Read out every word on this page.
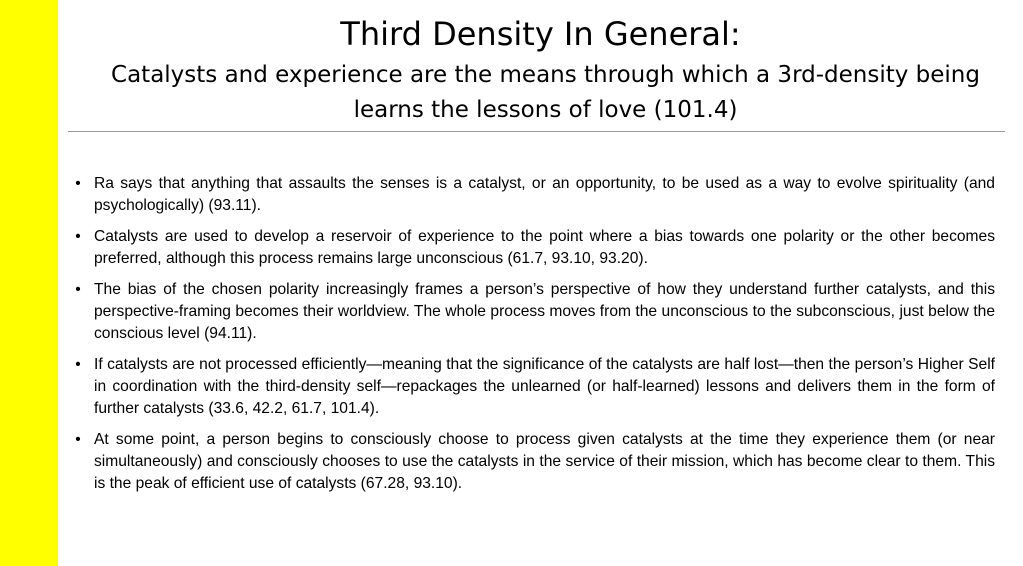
Third Density In General:
Catalysts and experience are the means through which a 3rd-density being learns the lessons of love (101.4)
• Ra says that anything that assaults the senses is a catalyst, or an opportunity, to be used as a way to evolve spirituality (and psychologically) (93.11).
• Catalysts are used to develop a reservoir of experience to the point where a bias towards one polarity or the other becomes preferred, although this process remains large unconscious (61.7, 93.10, 93.20).
• The bias of the chosen polarity increasingly frames a person’s perspective of how they understand further catalysts, and this perspective-framing becomes their worldview. The whole process moves from the unconscious to the subconscious, just below the conscious level (94.11).
• If catalysts are not processed efficiently—meaning that the significance of the catalysts are half lost—then the person’s Higher Self in coordination with the third-density self—repackages the unlearned (or half-learned) lessons and delivers them in the form of further catalysts (33.6, 42.2, 61.7, 101.4).
• At some point, a person begins to consciously choose to process given catalysts at the time they experience them (or near simultaneously) and consciously chooses to use the catalysts in the service of their mission, which has become clear to them. This is the peak of efficient use of catalysts (67.28, 93.10).
